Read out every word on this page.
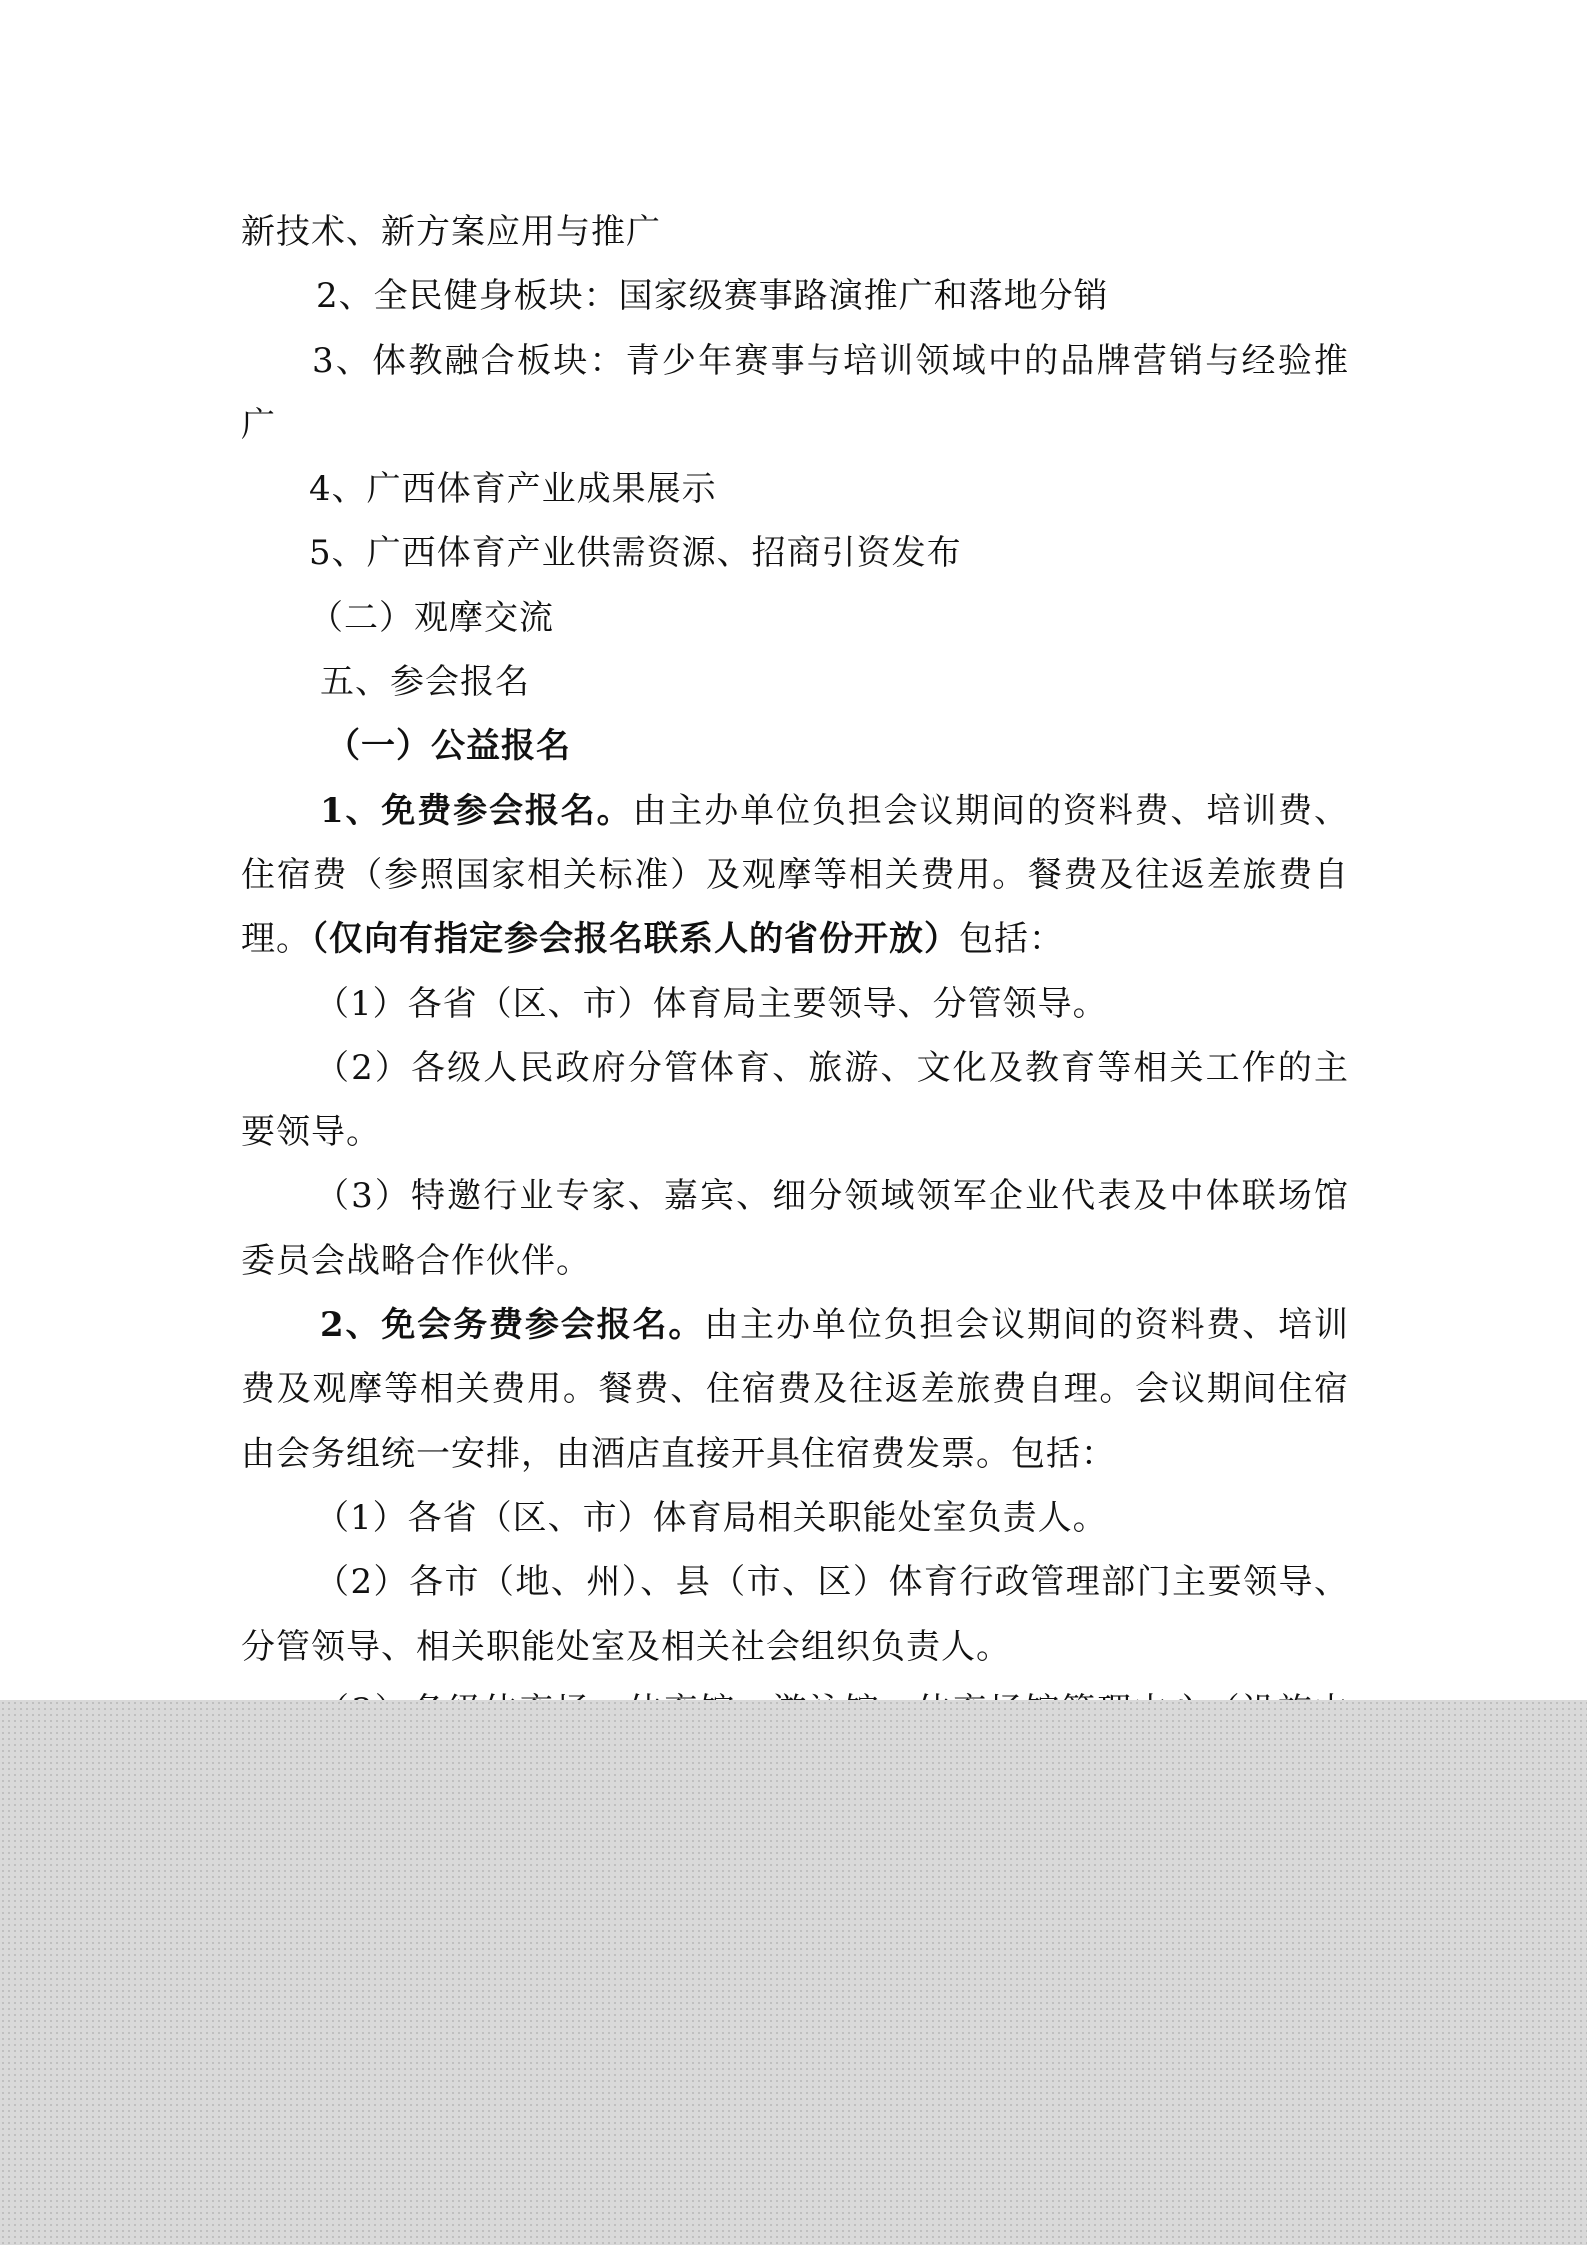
新技术、新方案应用与推广

2、全民健身板块：国家级赛事路演推广和落地分销

3、体教融合板块：青少年赛事与培训领域中的品牌营销与经验推广

4、广西体育产业成果展示

5、广西体育产业供需资源、招商引资发布

（二）观摩交流

五、参会报名

（一）公益报名

1、免费参会报名。由主办单位负担会议期间的资料费、培训费、住宿费（参照国家相关标准）及观摩等相关费用。餐费及往返差旅费自理。（仅向有指定参会报名联系人的省份开放）包括：

（1）各省（区、市）体育局主要领导、分管领导。

（2）各级人民政府分管体育、旅游、文化及教育等相关工作的主要领导。

（3）特邀行业专家、嘉宾、细分领域领军企业代表及中体联场馆委员会战略合作伙伴。

2、免会务费参会报名。由主办单位负担会议期间的资料费、培训费及观摩等相关费用。餐费、住宿费及往返差旅费自理。会议期间住宿由会务组统一安排，由酒店直接开具住宿费发票。包括：

（1）各省（区、市）体育局相关职能处室负责人。

（2）各市（地、州）、县（市、区）体育行政管理部门主要领导、分管领导、相关职能处室及相关社会组织负责人。
